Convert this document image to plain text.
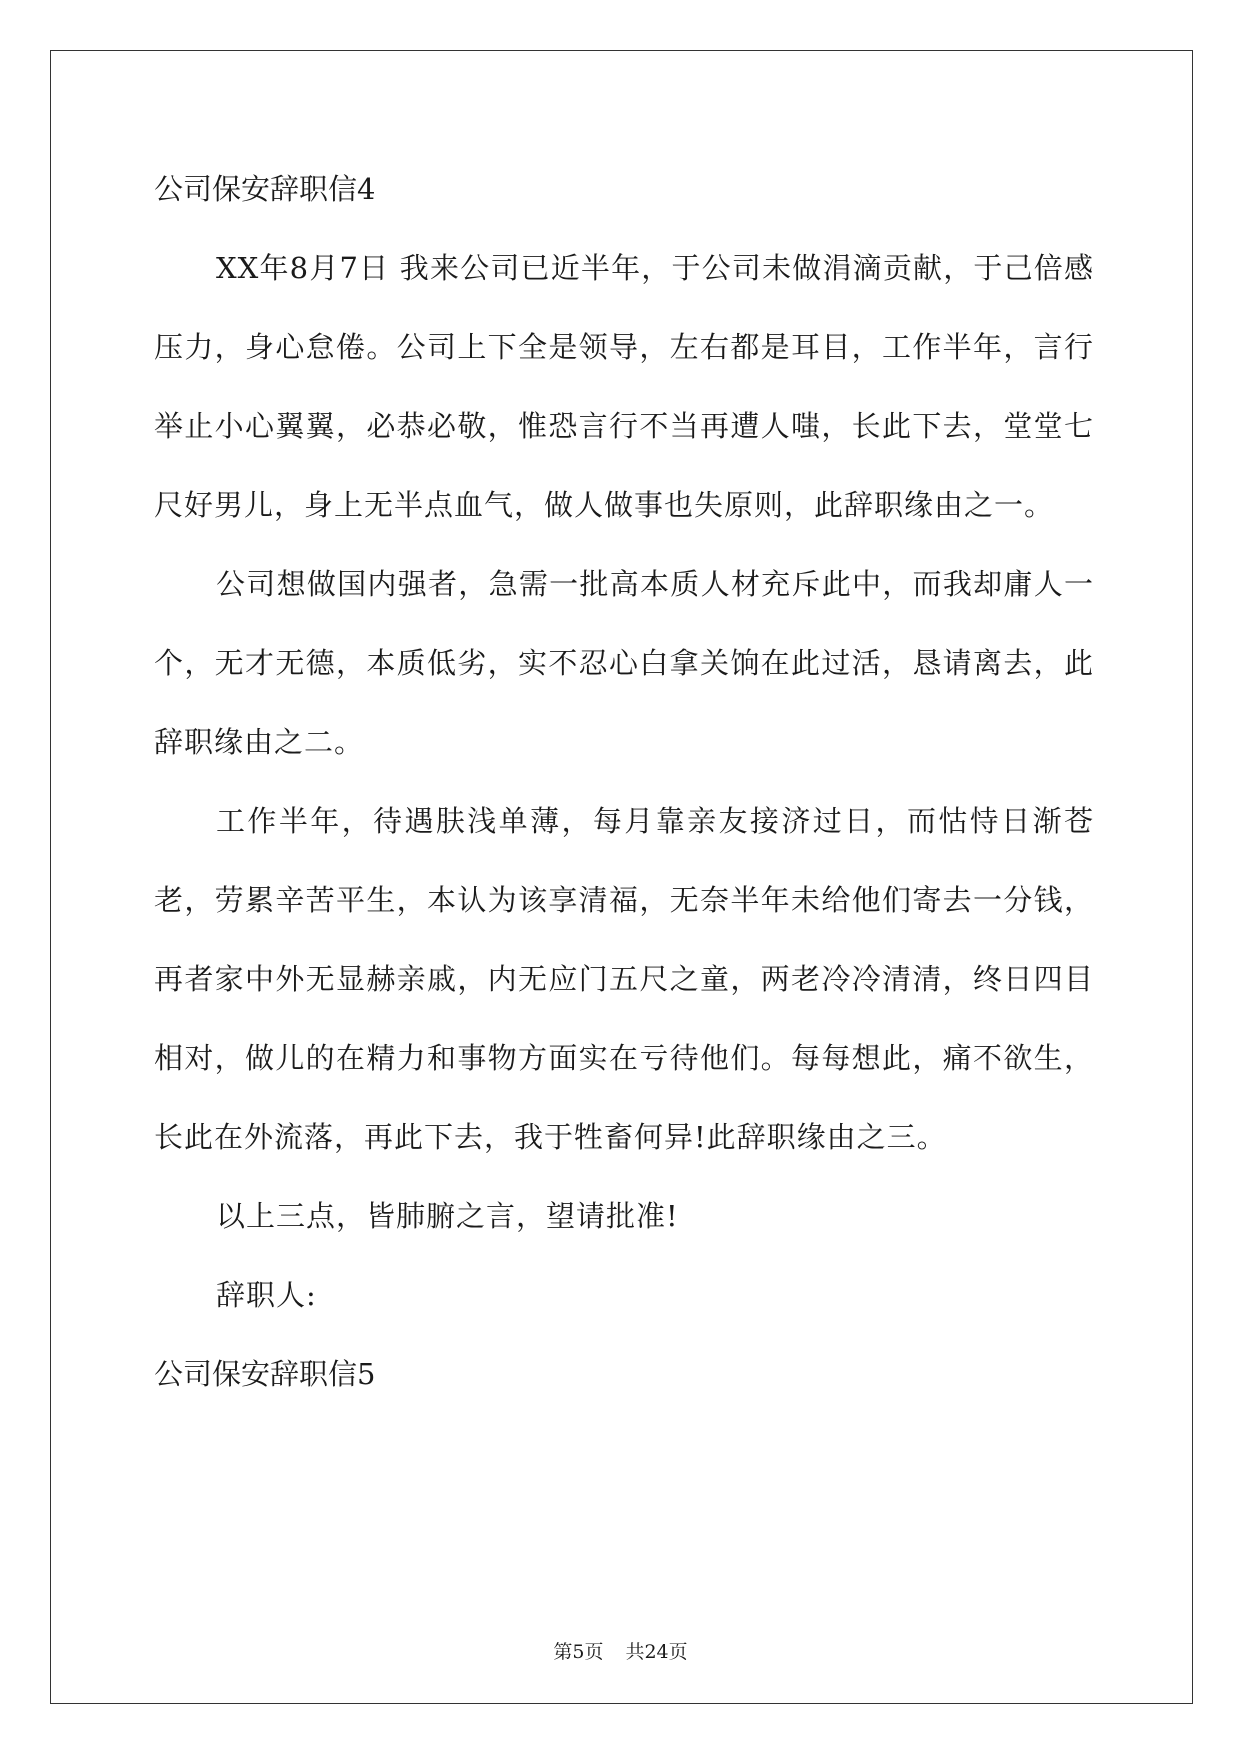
公司保安辞职信4

XX年8月7日 我来公司已近半年，于公司未做涓滴贡献，于己倍感压力，身心怠倦。公司上下全是领导，左右都是耳目，工作半年，言行举止小心翼翼，必恭必敬，惟恐言行不当再遭人嗤，长此下去，堂堂七尺好男儿，身上无半点血气，做人做事也失原则，此辞职缘由之一。

公司想做国内强者，急需一批高本质人材充斥此中，而我却庸人一个，无才无德，本质低劣，实不忍心白拿关饷在此过活，恳请离去，此辞职缘由之二。

工作半年，待遇肤浅单薄，每月靠亲友接济过日，而怙恃日渐苍老，劳累辛苦平生，本认为该享清福，无奈半年未给他们寄去一分钱，再者家中外无显赫亲戚，内无应门五尺之童，两老冷冷清清，终日四目相对，做儿的在精力和事物方面实在亏待他们。每每想此，痛不欲生，长此在外流落，再此下去，我于牲畜何异!此辞职缘由之三。

以上三点，皆肺腑之言，望请批准!

辞职人:

公司保安辞职信5

第5页 共24页
